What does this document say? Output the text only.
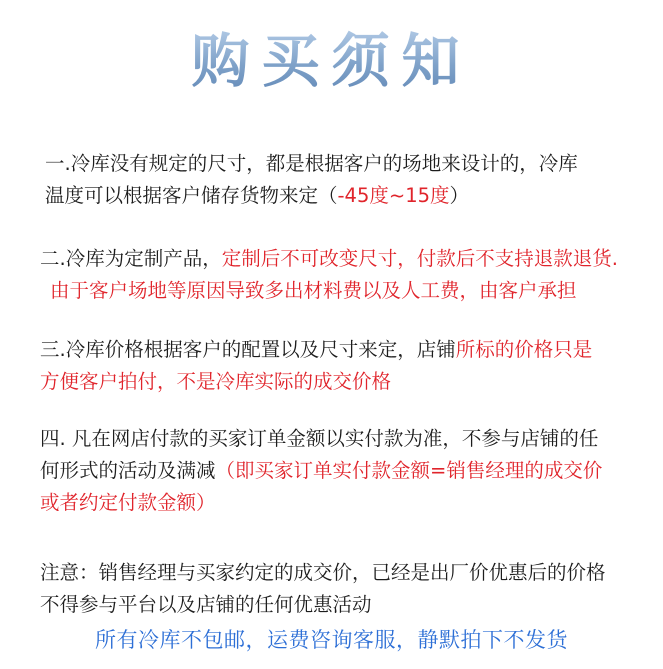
购买须知
一.冷库没有规定的尺寸，都是根据客户的场地来设计的，冷库
温度可以根据客户储存货物来定（-45度~15度）
二.冷库为定制产品，定制后不可改变尺寸，付款后不支持退款退货.
由于客户场地等原因导致多出材料费以及人工费，由客户承担
三.冷库价格根据客户的配置以及尺寸来定，店铺所标的价格只是
方便客户拍付，不是冷库实际的成交价格
四. 凡在网店付款的买家订单金额以实付款为准，不参与店铺的任
何形式的活动及满减（即买家订单实付款金额=销售经理的成交价
或者约定付款金额）
注意：销售经理与买家约定的成交价，已经是出厂价优惠后的价格
不得参与平台以及店铺的任何优惠活动
所有冷库不包邮，运费咨询客服，静默拍下不发货
